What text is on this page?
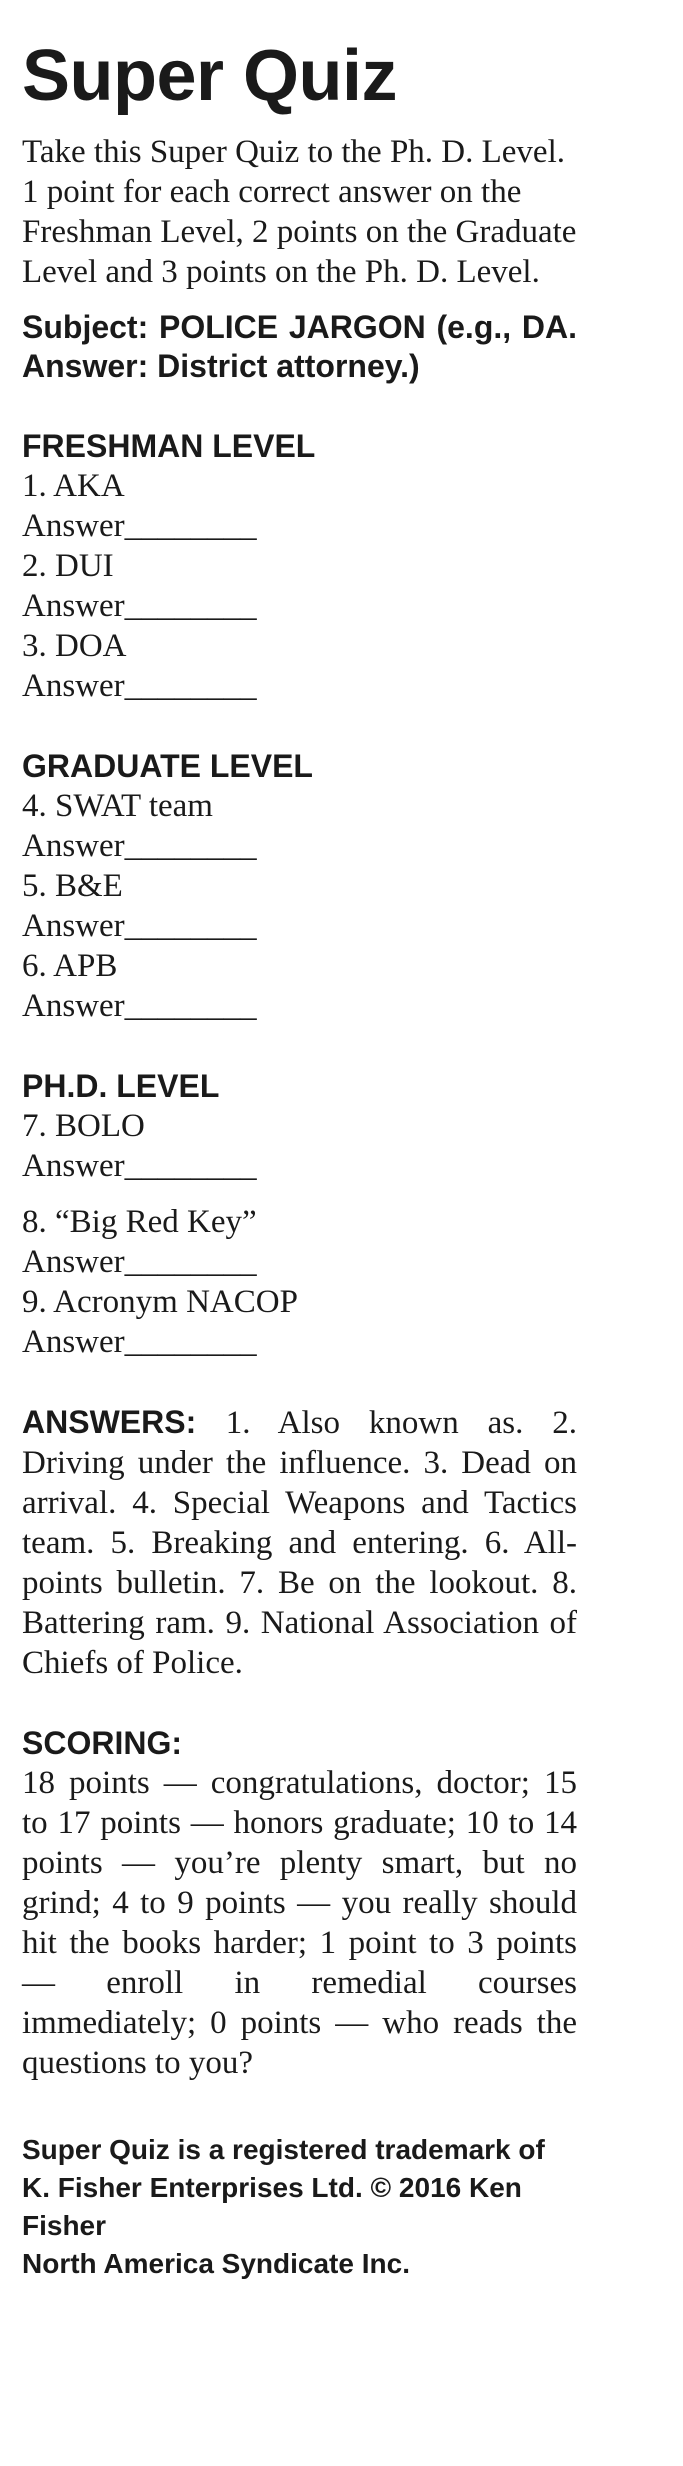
Super Quiz
Take this Super Quiz to the Ph. D. Level. 1 point for each correct answer on the Freshman Level, 2 points on the Graduate Level and 3 points on the Ph. D. Level.
Subject: POLICE JARGON (e.g., DA. Answer: District attorney.)
FRESHMAN LEVEL
1. AKA
Answer________
2. DUI
Answer________
3. DOA
Answer________
GRADUATE LEVEL
4. SWAT team
Answer________
5. B&E
Answer________
6. APB
Answer________
PH.D. LEVEL
7. BOLO
Answer________
8. “Big Red Key”
Answer________
9. Acronym NACOP
Answer________
ANSWERS: 1. Also known as. 2. Driving under the influence. 3. Dead on arrival. 4. Special Weapons and Tactics team. 5. Breaking and entering. 6. All-points bulletin. 7. Be on the lookout. 8. Battering ram. 9. National Association of Chiefs of Police.
SCORING:
18 points — congratulations, doctor; 15 to 17 points — honors graduate; 10 to 14 points — you’re plenty smart, but no grind; 4 to 9 points — you really should hit the books harder; 1 point to 3 points — enroll in remedial courses immediately; 0 points — who reads the questions to you?
Super Quiz is a registered trademark of K. Fisher Enterprises Ltd. © 2016 Ken Fisher
North America Syndicate Inc.
